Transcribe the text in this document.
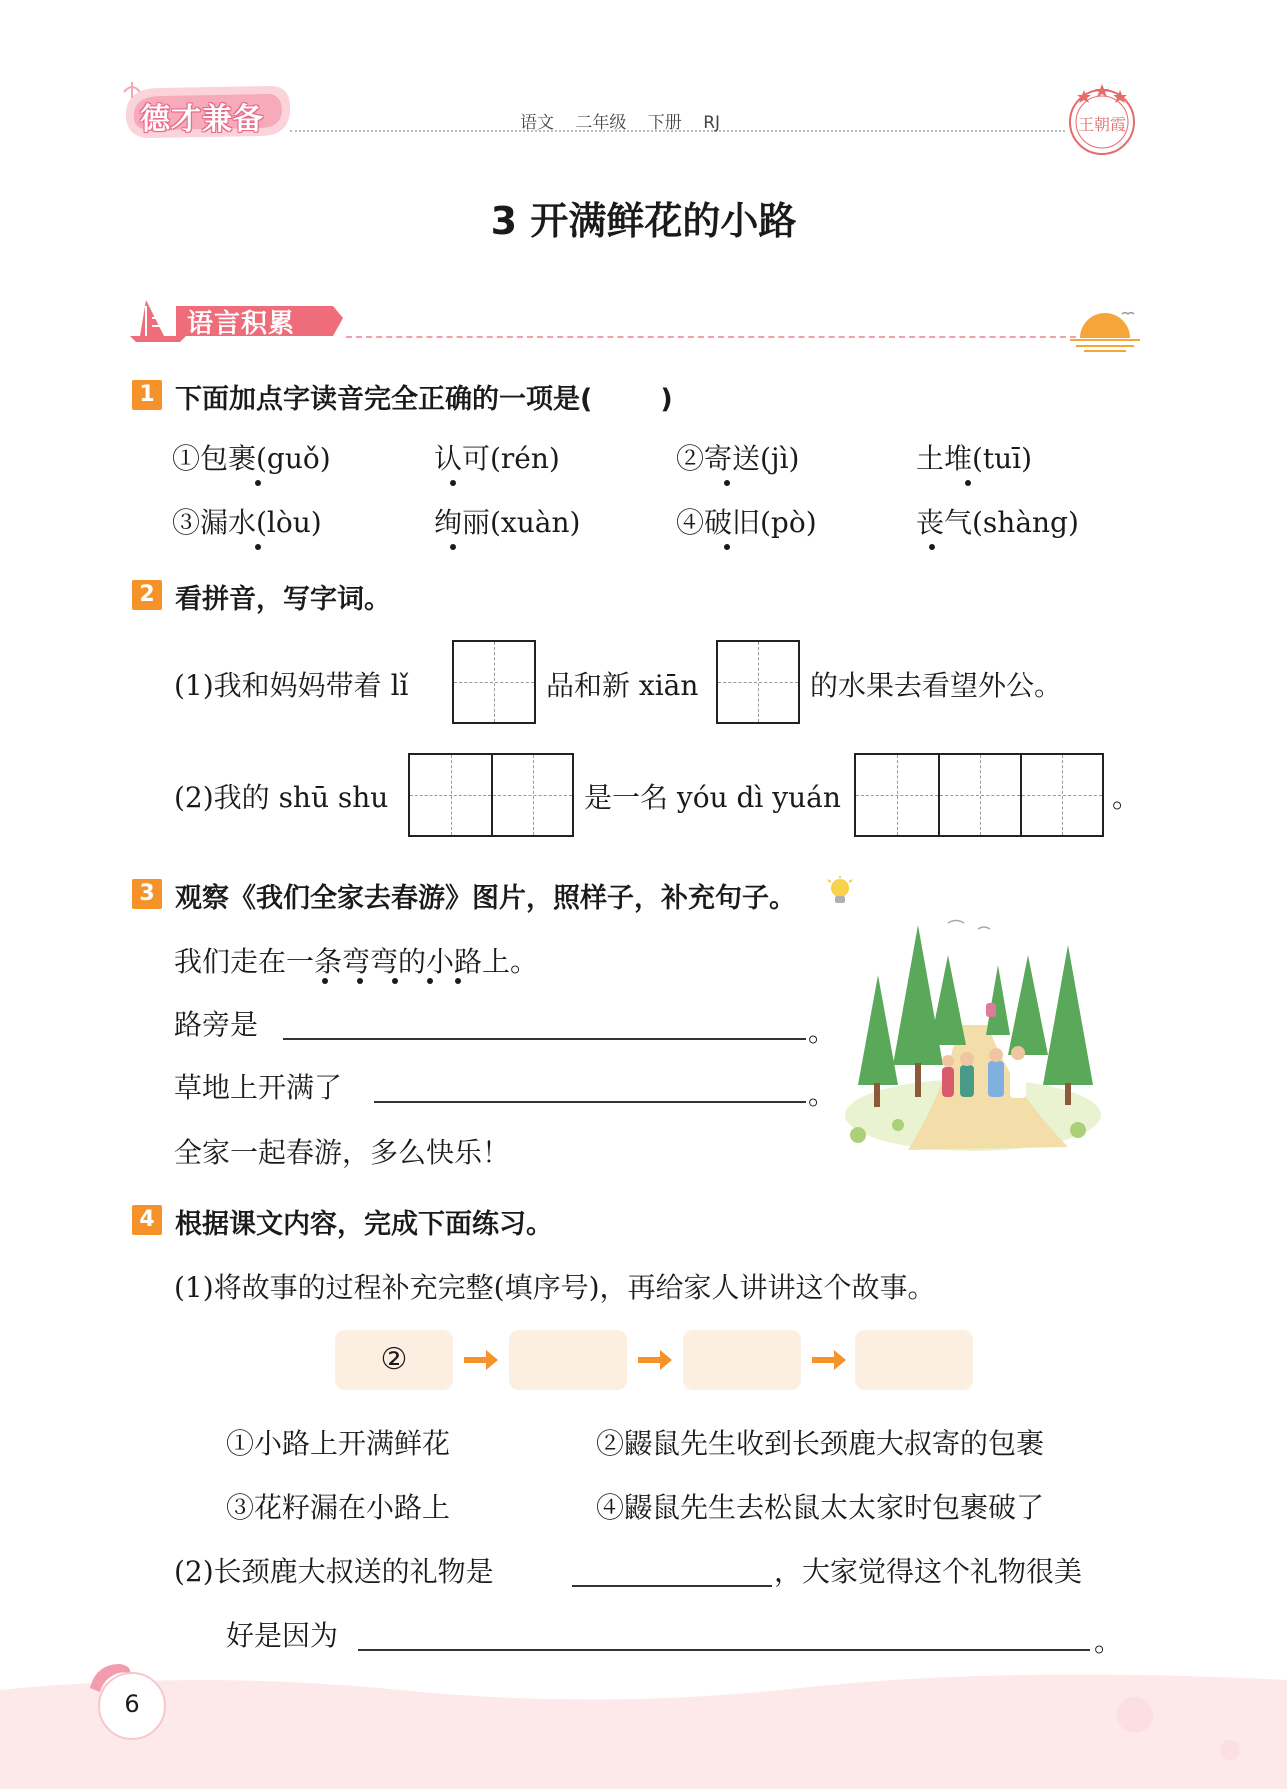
德才兼备	语文 二年级 下册 RJ	王朝霞
3 开满鲜花的小路
语言积累
1 下面加点字读音完全正确的一项是(	)
①包裹(guǒ)	认可(rén)	②寄送(jì)	土堆(tuī)
③漏水(lòu)	绚丽(xuàn)	④破旧(pò)	丧气(shàng)
2 看拼音，写字词。
(1)我和妈妈带着 lǐ	品和新 xiān	的水果去看望外公。
(2)我的 shū shu	是一名 yóu dì yuán	。
3 观察《我们全家去春游》图片，照样子，补充句子。
我们走在一条弯弯的小路上。
路旁是	。
草地上开满了	。
全家一起春游，多么快乐！
4 根据课文内容，完成下面练习。
(1)将故事的过程补充完整(填序号)，再给家人讲讲这个故事。
②
①小路上开满鲜花	②鼹鼠先生收到长颈鹿大叔寄的包裹
③花籽漏在小路上	④鼹鼠先生去松鼠太太家时包裹破了
(2)长颈鹿大叔送的礼物是	，大家觉得这个礼物很美
好是因为	。
6
